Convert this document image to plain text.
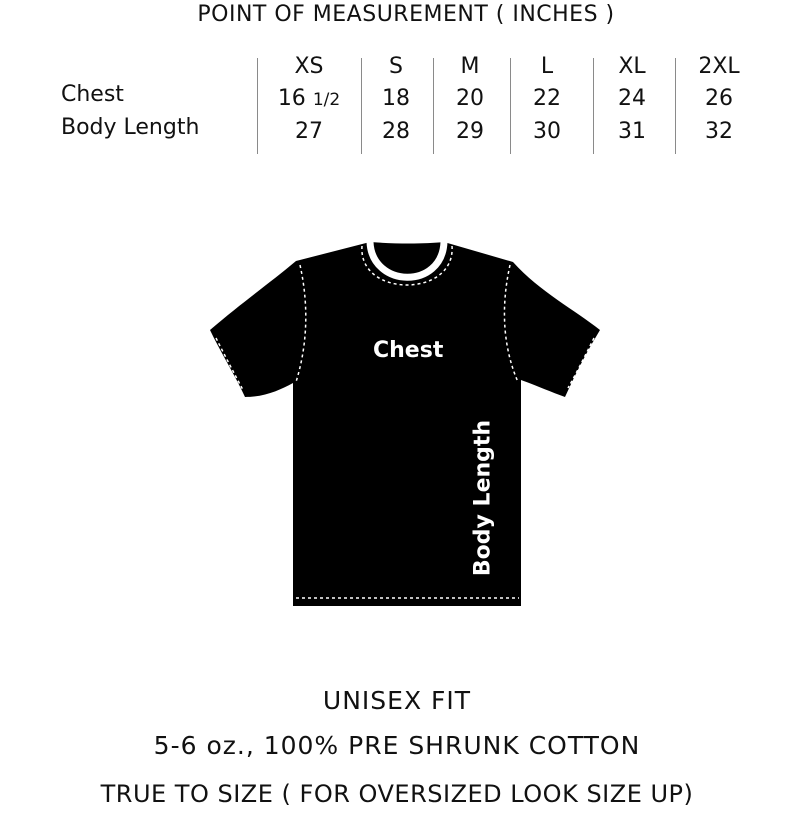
POINT OF MEASUREMENT ( INCHES )
Chest
Body Length
XS
16 1/2
27
S
18
28
M
20
29
L
22
30
XL
24
31
2XL
26
32
Chest
Body Length
UNISEX FIT
5-6 oz., 100% PRE SHRUNK COTTON
TRUE TO SIZE ( FOR OVERSIZED LOOK SIZE UP)
